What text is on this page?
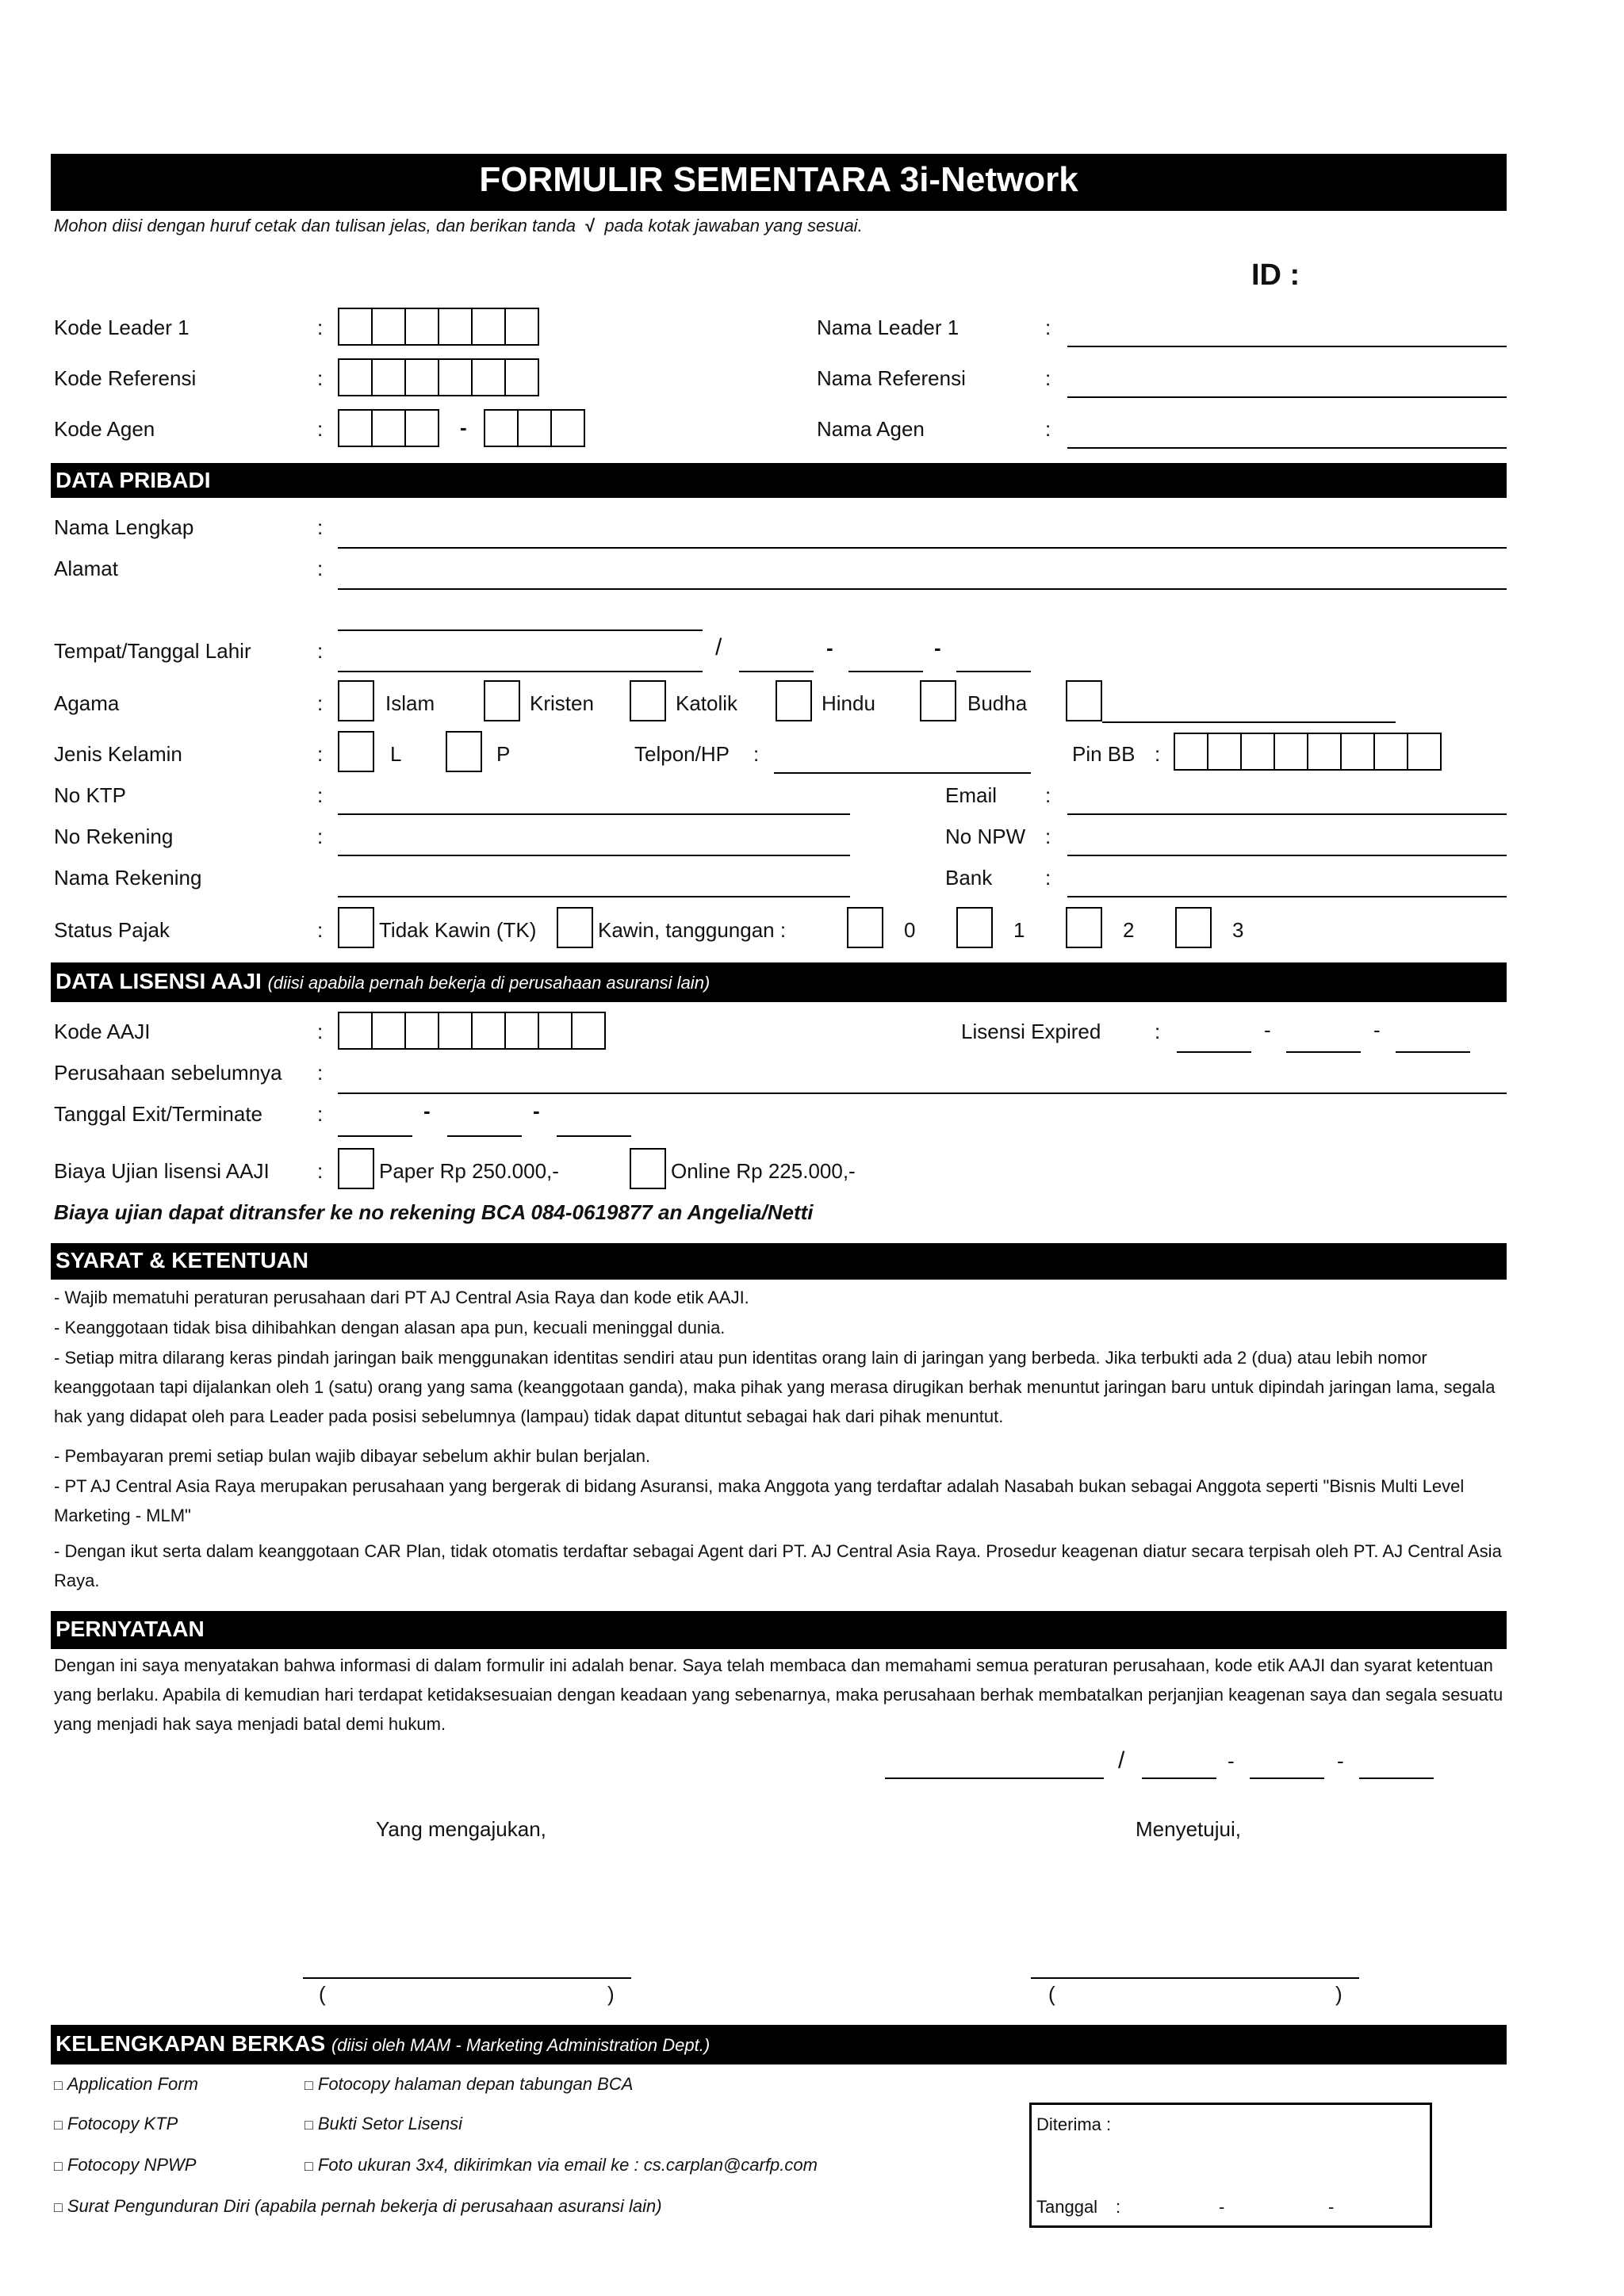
FORMULIR SEMENTARA 3i-Network
Mohon diisi dengan huruf cetak dan tulisan jelas, dan berikan tanda √ pada kotak jawaban yang sesuai.
ID :
Kode Leader 1	:	Nama Leader 1	:
Kode Referensi	:	Nama Referensi	:
Kode Agen	:	-	Nama Agen	:
DATA PRIBADI
Nama Lengkap	:
Alamat	:
Tempat/Tanggal Lahir	:	/	-	-
Agama	:	Islam	Kristen	Katolik	Hindu	Budha
Jenis Kelamin	:	L	P	Telpon/HP :	Pin BB :
No KTP	:	Email :
No Rekening	:	No NPW :
Nama Rekening	Bank	:
Status Pajak	:	Tidak Kawin (TK)	Kawin, tanggungan :	0	1	2	3
DATA LISENSI AAJI (diisi apabila pernah bekerja di perusahaan asuransi lain)
Kode AAJI	:	Lisensi Expired	:	-	-
Perusahaan sebelumnya :
Tanggal Exit/Terminate	:	-	-
Biaya Ujian lisensi AAJI :	Paper Rp 250.000,-	Online Rp 225.000,-
Biaya ujian dapat ditransfer ke no rekening BCA 084-0619877 an Angelia/Netti
SYARAT & KETENTUAN
- Wajib mematuhi peraturan perusahaan dari PT AJ Central Asia Raya dan kode etik AAJI.
- Keanggotaan tidak bisa dihibahkan dengan alasan apa pun, kecuali meninggal dunia.
- Setiap mitra dilarang keras pindah jaringan baik menggunakan identitas sendiri atau pun identitas orang lain di jaringan yang berbeda. Jika terbukti ada 2 (dua) atau lebih nomor keanggotaan tapi dijalankan oleh 1 (satu) orang yang sama (keanggotaan ganda), maka pihak yang merasa dirugikan berhak menuntut jaringan baru untuk dipindah jaringan lama, segala hak yang didapat oleh para Leader pada posisi sebelumnya (lampau) tidak dapat dituntut sebagai hak dari pihak menuntut.
- Pembayaran premi setiap bulan wajib dibayar sebelum akhir bulan berjalan.
- PT AJ Central Asia Raya merupakan perusahaan yang bergerak di bidang Asuransi, maka Anggota yang terdaftar adalah Nasabah bukan sebagai Anggota seperti "Bisnis Multi Level Marketing - MLM"
- Dengan ikut serta dalam keanggotaan CAR Plan, tidak otomatis terdaftar sebagai Agent dari PT. AJ Central Asia Raya. Prosedur keagenan diatur secara terpisah oleh PT. AJ Central Asia Raya.
PERNYATAAN
Dengan ini saya menyatakan bahwa informasi di dalam formulir ini adalah benar. Saya telah membaca dan memahami semua peraturan perusahaan, kode etik AAJI dan syarat ketentuan yang berlaku. Apabila di kemudian hari terdapat ketidaksesuaian dengan keadaan yang sebenarnya, maka perusahaan berhak membatalkan perjanjian keagenan saya dan segala sesuatu yang menjadi hak saya menjadi batal demi hukum.
/	-	-
Yang mengajukan,	Menyetujui,
(	)	(	)
KELENGKAPAN BERKAS (diisi oleh MAM - Marketing Administration Dept.)
□ Application Form
□ Fotocopy KTP
□ Fotocopy NPWP
□ Surat Pengunduran Diri (apabila pernah bekerja di perusahaan asuransi lain)
□ Fotocopy halaman depan tabungan BCA
□ Bukti Setor Lisensi
□ Foto ukuran 3x4, dikirimkan via email ke : cs.carplan@carfp.com
Diterima :
Tanggal :	-	-
